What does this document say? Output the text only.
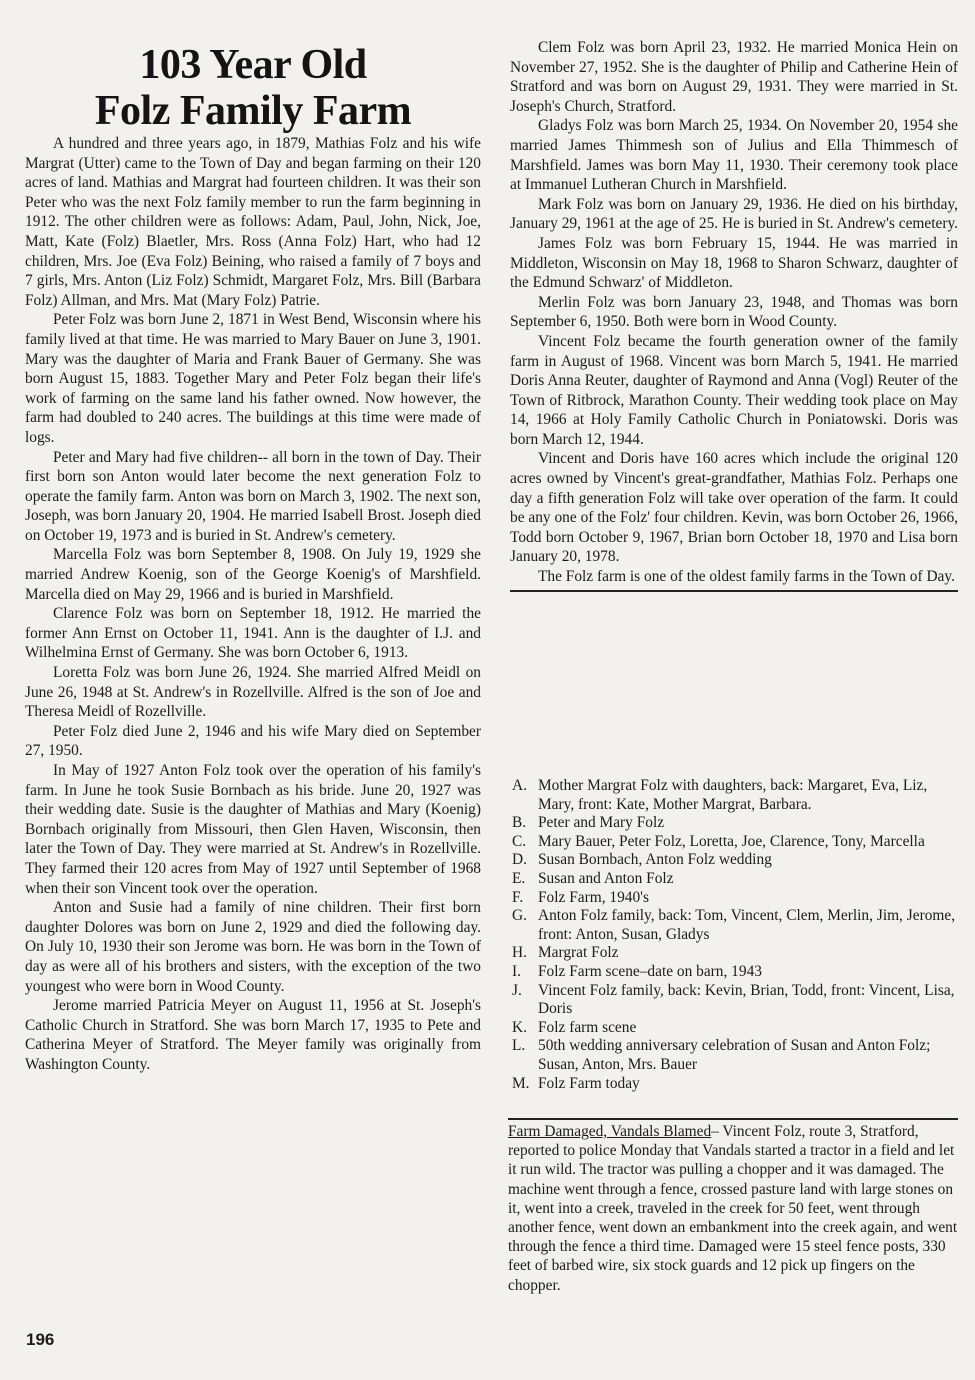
103 Year Old
Folz Family Farm

A hundred and three years ago, in 1879, Mathias Folz and his wife Margrat (Utter) came to the Town of Day and began farming on their 120 acres of land. Mathias and Margrat had fourteen children. It was their son Peter who was the next Folz family member to run the farm beginning in 1912. The other children were as follows: Adam, Paul, John, Nick, Joe, Matt, Kate (Folz) Blaetler, Mrs. Ross (Anna Folz) Hart, who had 12 children, Mrs. Joe (Eva Folz) Beining, who raised a family of 7 boys and 7 girls, Mrs. Anton (Liz Folz) Schmidt, Margaret Folz, Mrs. Bill (Barbara Folz) Allman, and Mrs. Mat (Mary Folz) Patrie.

Peter Folz was born June 2, 1871 in West Bend, Wisconsin where his family lived at that time. He was married to Mary Bauer on June 3, 1901. Mary was the daughter of Maria and Frank Bauer of Germany. She was born August 15, 1883. Together Mary and Peter Folz began their life's work of farming on the same land his father owned. Now however, the farm had doubled to 240 acres. The buildings at this time were made of logs.

Peter and Mary had five children-- all born in the town of Day. Their first born son Anton would later become the next generation Folz to operate the family farm. Anton was born on March 3, 1902. The next son, Joseph, was born January 20, 1904. He married Isabell Brost. Joseph died on October 19, 1973 and is buried in St. Andrew's cemetery.

Marcella Folz was born September 8, 1908. On July 19, 1929 she married Andrew Koenig, son of the George Koenig's of Marshfield. Marcella died on May 29, 1966 and is buried in Marshfield.

Clarence Folz was born on September 18, 1912. He married the former Ann Ernst on October 11, 1941. Ann is the daughter of I.J. and Wilhelmina Ernst of Germany. She was born October 6, 1913.

Loretta Folz was born June 26, 1924. She married Alfred Meidl on June 26, 1948 at St. Andrew's in Rozellville. Alfred is the son of Joe and Theresa Meidl of Rozellville.

Peter Folz died June 2, 1946 and his wife Mary died on September 27, 1950.

In May of 1927 Anton Folz took over the operation of his family's farm. In June he took Susie Bornbach as his bride. June 20, 1927 was their wedding date. Susie is the daughter of Mathias and Mary (Koenig) Bornbach originally from Missouri, then Glen Haven, Wisconsin, then later the Town of Day. They were married at St. Andrew's in Rozellville. They farmed their 120 acres from May of 1927 until September of 1968 when their son Vincent took over the operation.

Anton and Susie had a family of nine children. Their first born daughter Dolores was born on June 2, 1929 and died the following day. On July 10, 1930 their son Jerome was born. He was born in the Town of day as were all of his brothers and sisters, with the exception of the two youngest who were born in Wood County.

Jerome married Patricia Meyer on August 11, 1956 at St. Joseph's Catholic Church in Stratford. She was born March 17, 1935 to Pete and Catherina Meyer of Stratford. The Meyer family was originally from Washington County.

Clem Folz was born April 23, 1932. He married Monica Hein on November 27, 1952. She is the daughter of Philip and Catherine Hein of Stratford and was born on August 29, 1931. They were married in St. Joseph's Church, Stratford.

Gladys Folz was born March 25, 1934. On November 20, 1954 she married James Thimmesh son of Julius and Ella Thimmesch of Marshfield. James was born May 11, 1930. Their ceremony took place at Immanuel Lutheran Church in Marshfield.

Mark Folz was born on January 29, 1936. He died on his birthday, January 29, 1961 at the age of 25. He is buried in St. Andrew's cemetery.

James Folz was born February 15, 1944. He was married in Middleton, Wisconsin on May 18, 1968 to Sharon Schwarz, daughter of the Edmund Schwarz' of Middleton.

Merlin Folz was born January 23, 1948, and Thomas was born September 6, 1950. Both were born in Wood County.

Vincent Folz became the fourth generation owner of the family farm in August of 1968. Vincent was born March 5, 1941. He married Doris Anna Reuter, daughter of Raymond and Anna (Vogl) Reuter of the Town of Ritbrock, Marathon County. Their wedding took place on May 14, 1966 at Holy Family Catholic Church in Poniatowski. Doris was born March 12, 1944.

Vincent and Doris have 160 acres which include the original 120 acres owned by Vincent's great-grandfather, Mathias Folz. Perhaps one day a fifth generation Folz will take over operation of the farm. It could be any one of the Folz' four children. Kevin, was born October 26, 1966, Todd born October 9, 1967, Brian born October 18, 1970 and Lisa born January 20, 1978.

The Folz farm is one of the oldest family farms in the Town of Day.

A. Mother Margrat Folz with daughters, back: Margaret, Eva, Liz, Mary, front: Kate, Mother Margrat, Barbara.

B. Peter and Mary Folz

C. Mary Bauer, Peter Folz, Loretta, Joe, Clarence, Tony, Marcella

D. Susan Bornbach, Anton Folz wedding

E. Susan and Anton Folz

F. Folz Farm, 1940's

G. Anton Folz family, back: Tom, Vincent, Clem, Merlin, Jim, Jerome, front: Anton, Susan, Gladys

H. Margrat Folz

I. Folz Farm scene–date on barn, 1943

J. Vincent Folz family, back: Kevin, Brian, Todd, front: Vincent, Lisa, Doris

K. Folz farm scene

L. 50th wedding anniversary celebration of Susan and Anton Folz; Susan, Anton, Mrs. Bauer

M. Folz Farm today

Farm Damaged, Vandals Blamed– Vincent Folz, route 3, Stratford, reported to police Monday that Vandals started a tractor in a field and let it run wild. The tractor was pulling a chopper and it was damaged. The machine went through a fence, crossed pasture land with large stones on it, went into a creek, traveled in the creek for 50 feet, went through another fence, went down an embankment into the creek again, and went through the fence a third time. Damaged were 15 steel fence posts, 330 feet of barbed wire, six stock guards and 12 pick up fingers on the chopper.

196
